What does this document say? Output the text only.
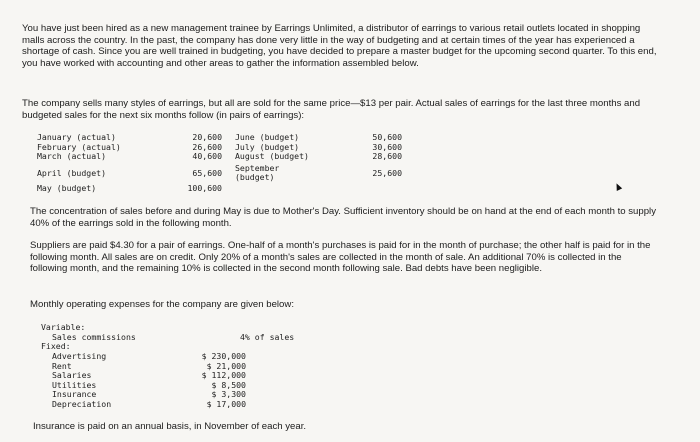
You have just been hired as a new management trainee by Earrings Unlimited, a distributor of earrings to various retail outlets located in shopping malls across the country. In the past, the company has done very little in the way of budgeting and at certain times of the year has experienced a shortage of cash. Since you are well trained in budgeting, you have decided to prepare a master budget for the upcoming second quarter. To this end, you have worked with accounting and other areas to gather the information assembled below.

The company sells many styles of earrings, but all are sold for the same price—$13 per pair. Actual sales of earrings for the last three months and budgeted sales for the next six months follow (in pairs of earrings):

January (actual)	20,600
February (actual)	26,600
March (actual)	40,600
April (budget)	65,600
May (budget)	100,600
June (budget)	50,600
July (budget)	30,600
August (budget)	28,600
September
(budget)	25,600

The concentration of sales before and during May is due to Mother's Day. Sufficient inventory should be on hand at the end of each month to supply 40% of the earrings sold in the following month.

Suppliers are paid $4.30 for a pair of earrings. One-half of a month's purchases is paid for in the month of purchase; the other half is paid for in the following month. All sales are on credit. Only 20% of a month's sales are collected in the month of sale. An additional 70% is collected in the following month, and the remaining 10% is collected in the second month following sale. Bad debts have been negligible.

Monthly operating expenses for the company are given below:

Variable:
Sales commissions	4% of sales
Fixed:
Advertising	$ 230,000
Rent	$ 21,000
Salaries	$ 112,000
Utilities	$ 8,500
Insurance	$ 3,300
Depreciation	$ 17,000

Insurance is paid on an annual basis, in November of each year.
